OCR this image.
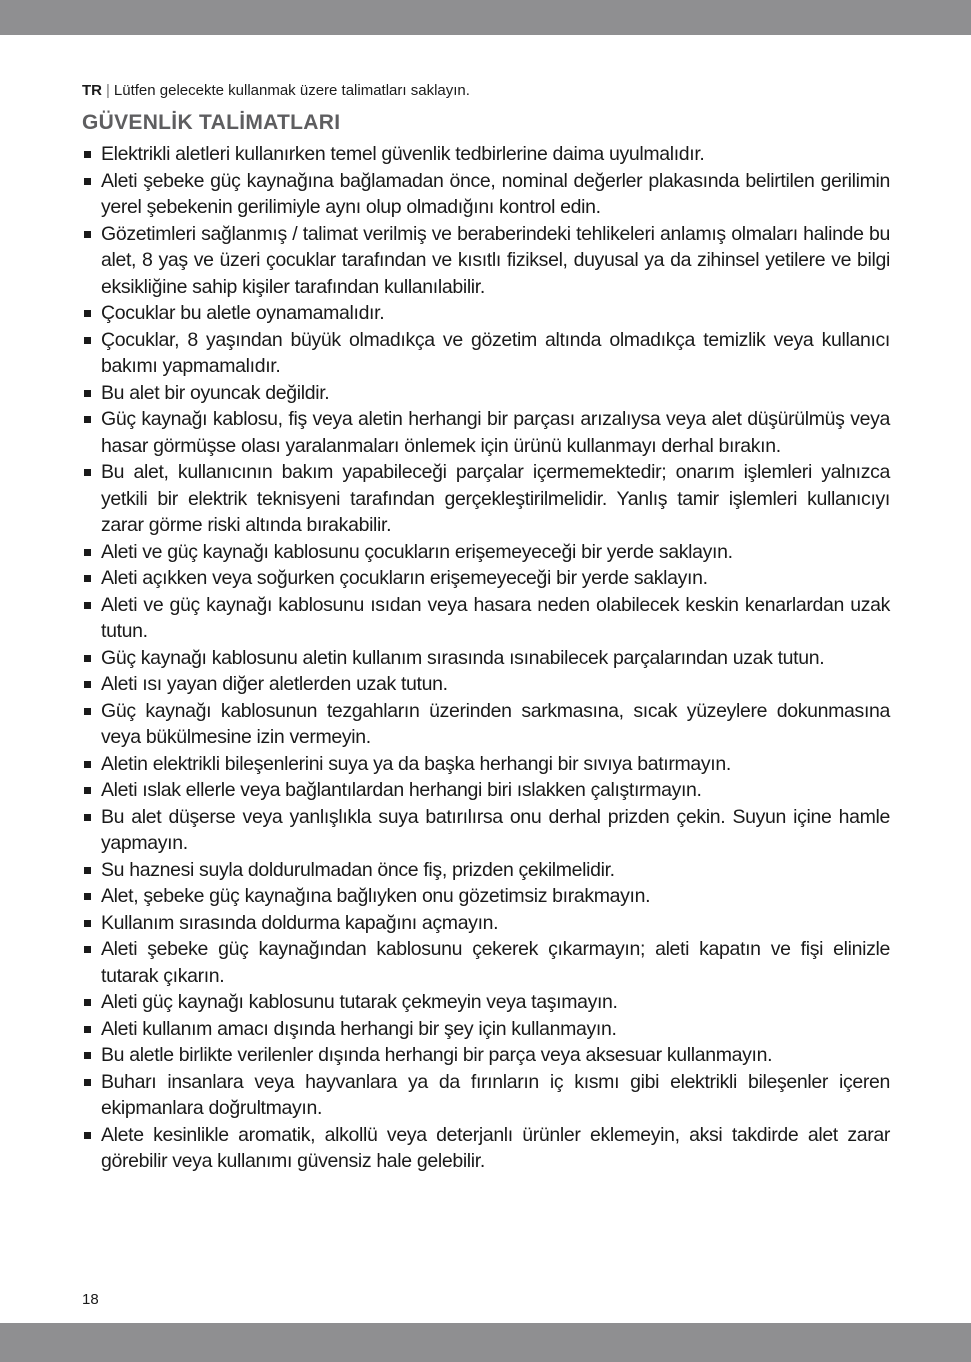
TR | Lütfen gelecekte kullanmak üzere talimatları saklayın.
GÜVENLİK TALİMATLARI
Elektrikli aletleri kullanırken temel güvenlik tedbirlerine daima uyulmalıdır.
Aleti şebeke güç kaynağına bağlamadan önce, nominal değerler plakasında belirtilen gerilimin yerel şebekenin gerilimiyle aynı olup olmadığını kontrol edin.
Gözetimleri sağlanmış / talimat verilmiş ve beraberindeki tehlikeleri anlamış olmaları halinde bu alet, 8 yaş ve üzeri çocuklar tarafından ve kısıtlı fiziksel, duyusal ya da zihinsel yetilere ve bilgi eksikliğine sahip kişiler tarafından kullanılabilir.
Çocuklar bu aletle oynamamalıdır.
Çocuklar, 8 yaşından büyük olmadıkça ve gözetim altında olmadıkça temizlik veya kullanıcı bakımı yapmamalıdır.
Bu alet bir oyuncak değildir.
Güç kaynağı kablosu, fiş veya aletin herhangi bir parçası arızalıysa veya alet düşürülmüş veya hasar görmüşse olası yaralanmaları önlemek için ürünü kullanmayı derhal bırakın.
Bu alet, kullanıcının bakım yapabileceği parçalar içermemektedir; onarım işlemleri yalnızca yetkili bir elektrik teknisyeni tarafından gerçekleştirilmelidir. Yanlış tamir işlemleri kullanıcıyı zarar görme riski altında bırakabilir.
Aleti ve güç kaynağı kablosunu çocukların erişemeyeceği bir yerde saklayın.
Aleti açıkken veya soğurken çocukların erişemeyeceği bir yerde saklayın.
Aleti ve güç kaynağı kablosunu ısıdan veya hasara neden olabilecek keskin kenarlardan uzak tutun.
Güç kaynağı kablosunu aletin kullanım sırasında ısınabilecek parçalarından uzak tutun.
Aleti ısı yayan diğer aletlerden uzak tutun.
Güç kaynağı kablosunun tezgahların üzerinden sarkmasına, sıcak yüzeylere dokunmasına veya bükülmesine izin vermeyin.
Aletin elektrikli bileşenlerini suya ya da başka herhangi bir sıvıya batırmayın.
Aleti ıslak ellerle veya bağlantılardan herhangi biri ıslakken çalıştırmayın.
Bu alet düşerse veya yanlışlıkla suya batırılırsa onu derhal prizden çekin. Suyun içine hamle yapmayın.
Su haznesi suyla doldurulmadan önce fiş, prizden çekilmelidir.
Alet, şebeke güç kaynağına bağlıyken onu gözetimsiz bırakmayın.
Kullanım sırasında doldurma kapağını açmayın.
Aleti şebeke güç kaynağından kablosunu çekerek çıkarmayın; aleti kapatın ve fişi elinizle tutarak çıkarın.
Aleti güç kaynağı kablosunu tutarak çekmeyin veya taşımayın.
Aleti kullanım amacı dışında herhangi bir şey için kullanmayın.
Bu aletle birlikte verilenler dışında herhangi bir parça veya aksesuar kullanmayın.
Buharı insanlara veya hayvanlara ya da fırınların iç kısmı gibi elektrikli bileşenler içeren ekipmanlara doğrultmayın.
Alete kesinlikle aromatik, alkollü veya deterjanlı ürünler eklemeyin, aksi takdirde alet zarar görebilir veya kullanımı güvensiz hale gelebilir.
18
